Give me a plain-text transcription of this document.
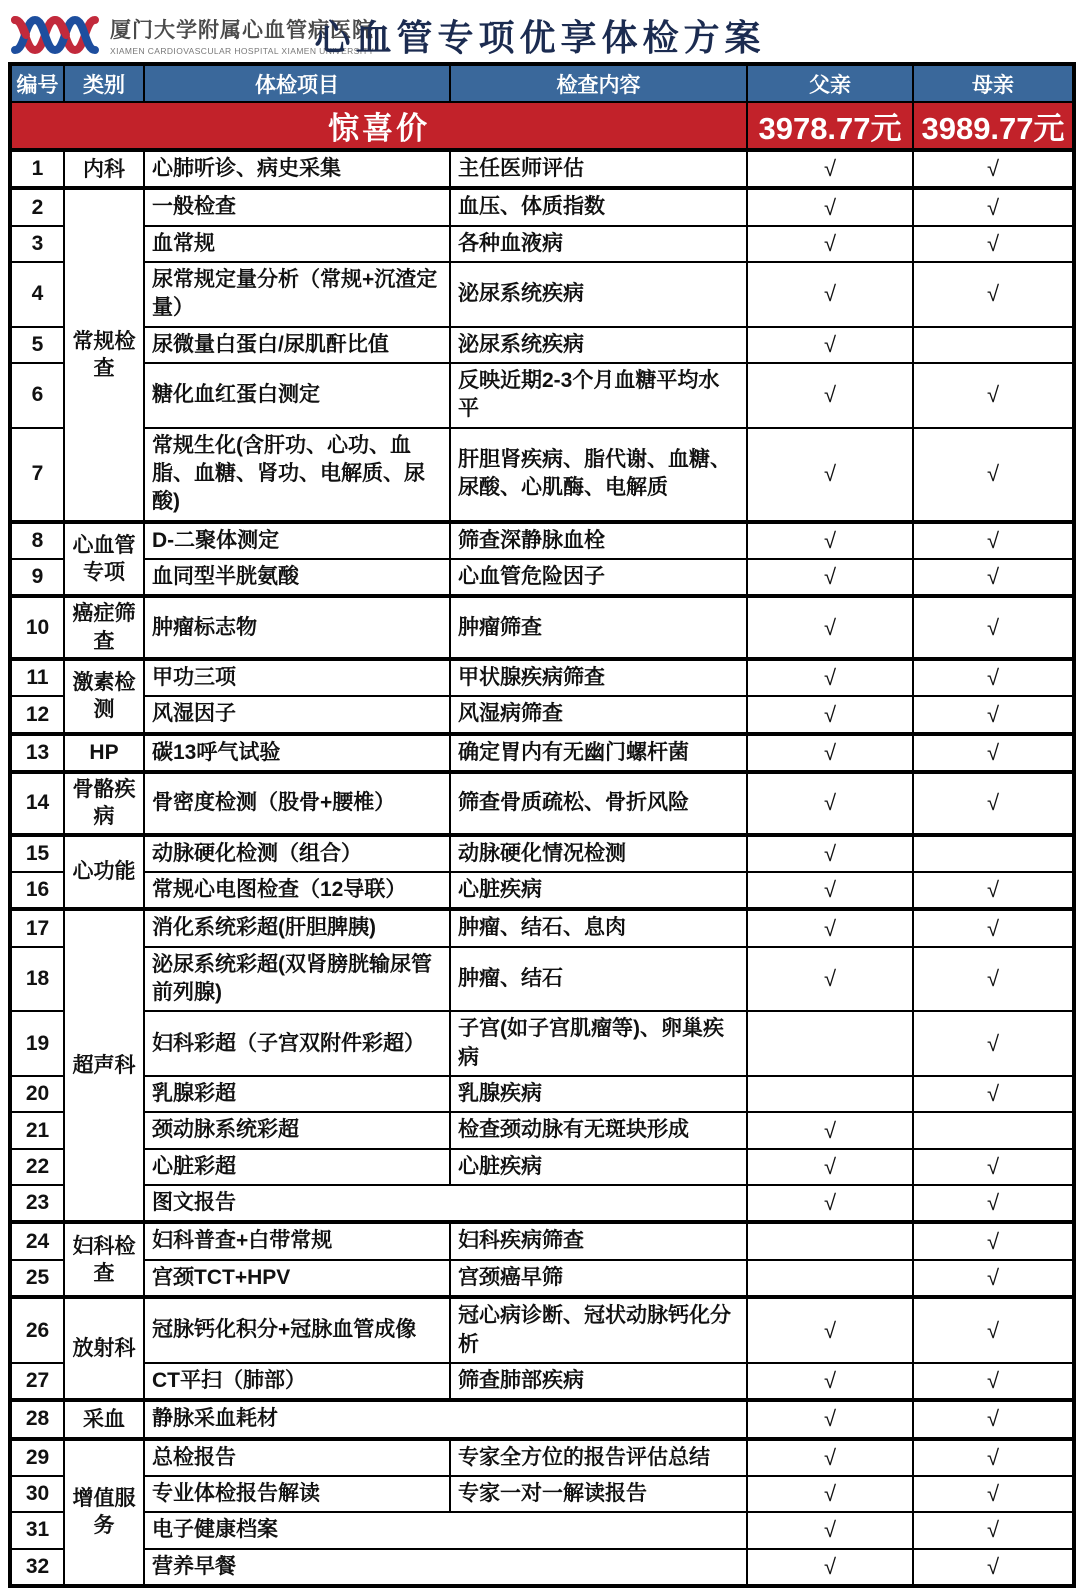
厦门大学附属心血管病医院
XIAMEN CARDIOVASCULAR HOSPITAL XIAMEN UNIVERSITY
心血管专项优享体检方案
编号	类别	体检项目	检查内容	父亲	母亲
惊喜价				3978.77元	3989.77元
1	内科	心肺听诊、病史采集	主任医师评估	√	√
2	常规检查	一般检查	血压、体质指数	√	√
3		血常规	各种血液病	√	√
4		尿常规定量分析（常规+沉渣定量）	泌尿系统疾病	√	√
5		尿微量白蛋白/尿肌酐比值	泌尿系统疾病	√	
6		糖化血红蛋白测定	反映近期2-3个月血糖平均水平	√	√
7		常规生化(含肝功、心功、血脂、血糖、肾功、电解质、尿酸)	肝胆肾疾病、脂代谢、血糖、尿酸、心肌酶、电解质	√	√
8	心血管专项	D-二聚体测定	筛查深静脉血栓	√	√
9		血同型半胱氨酸	心血管危险因子	√	√
10	癌症筛查	肿瘤标志物	肿瘤筛查	√	√
11	激素检测	甲功三项	甲状腺疾病筛查	√	√
12		风湿因子	风湿病筛查	√	√
13	HP	碳13呼气试验	确定胃内有无幽门螺杆菌	√	√
14	骨骼疾病	骨密度检测（股骨+腰椎）	筛查骨质疏松、骨折风险	√	√
15	心功能	动脉硬化检测（组合）	动脉硬化情况检测	√	
16		常规心电图检查（12导联）	心脏疾病	√	√
17	超声科	消化系统彩超(肝胆脾胰)	肿瘤、结石、息肉	√	√
18		泌尿系统彩超(双肾膀胱输尿管前列腺)	肿瘤、结石	√	√
19		妇科彩超（子宫双附件彩超）	子宫(如子宫肌瘤等)、卵巢疾病		√
20		乳腺彩超	乳腺疾病		√
21		颈动脉系统彩超	检查颈动脉有无斑块形成	√	
22		心脏彩超	心脏疾病	√	√
23		图文报告		√	√
24	妇科检查	妇科普查+白带常规	妇科疾病筛查		√
25		宫颈TCT+HPV	宫颈癌早筛		√
26	放射科	冠脉钙化积分+冠脉血管成像	冠心病诊断、冠状动脉钙化分析	√	√
27		CT平扫（肺部）	筛查肺部疾病	√	√
28	采血	静脉采血耗材		√	√
29	增值服务	总检报告	专家全方位的报告评估总结	√	√
30		专业体检报告解读	专家一对一解读报告	√	√
31		电子健康档案		√	√
32		营养早餐		√	√
